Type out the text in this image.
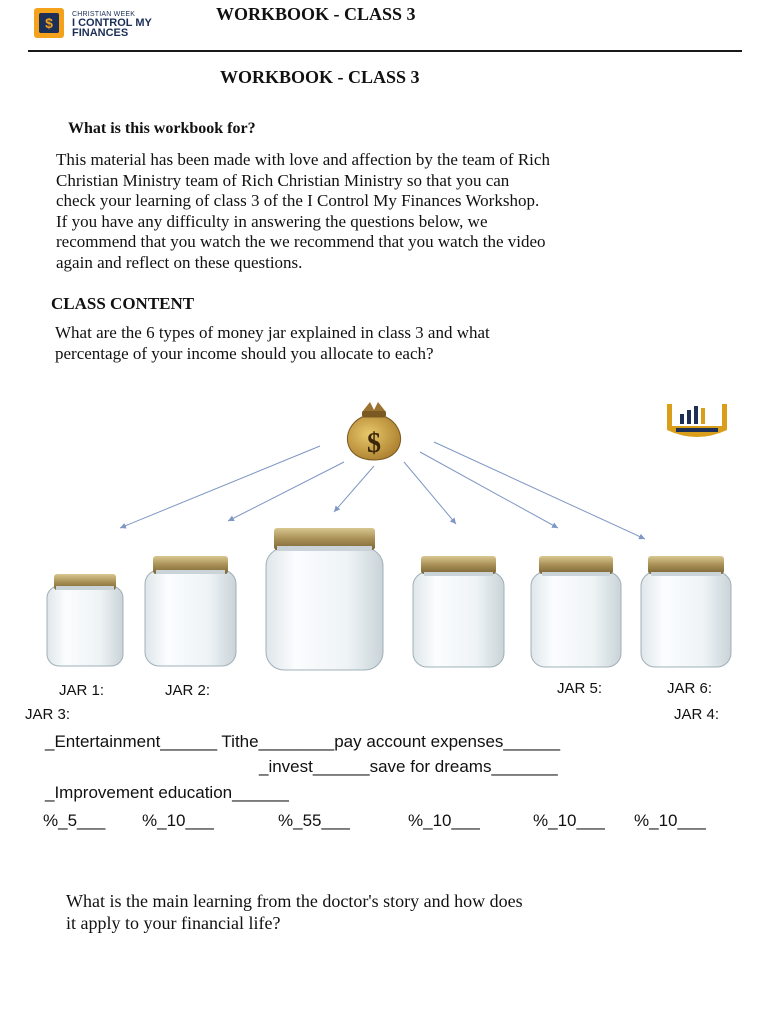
$
CHRISTIAN WEEK
I CONTROL MY
FINANCES
WORKBOOK - CLASS 3
WORKBOOK - CLASS 3
What is this workbook for?
This material has been made with love and affection by the team of Rich
Christian Ministry team of Rich Christian Ministry so that you can
check your learning of class 3 of the I Control My Finances Workshop.
If you have any difficulty in answering the questions below, we
recommend that you watch the we recommend that you watch the video
again and reflect on these questions.
CLASS CONTENT
What are the 6 types of money jar explained in class 3 and what
percentage of your income should you allocate to each?
$
JAR 1:	JAR 2:	JAR 5:	JAR 6:
JAR 3:	JAR 4:
_Entertainment______ Tithe________pay account expenses______
_invest______save for dreams_______
_Improvement education______
%_5___ %_10___	%_55___	%_10___	%_10___ %_10___
What is the main learning from the doctor's story and how does
it apply to your financial life?
